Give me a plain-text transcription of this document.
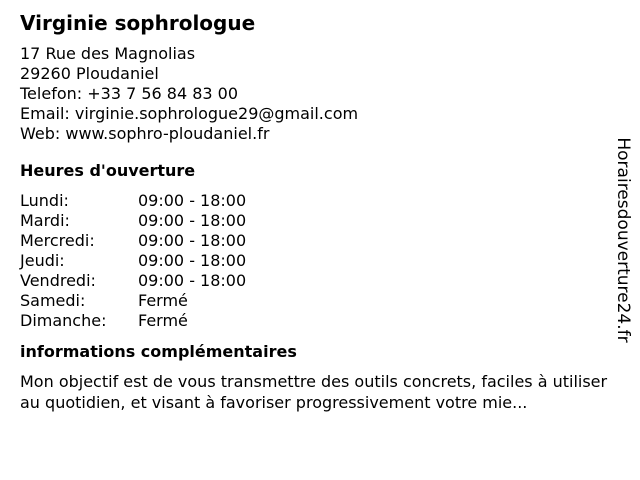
Virginie sophrologue
17 Rue des Magnolias
29260 Ploudaniel
Telefon: +33 7 56 84 83 00
Email: virginie.sophrologue29@gmail.com
Web: www.sophro-ploudaniel.fr
Heures d'ouverture
Lundi:	09:00 - 18:00
Mardi:	09:00 - 18:00
Mercredi:	09:00 - 18:00
Jeudi:	09:00 - 18:00
Vendredi:	09:00 - 18:00
Samedi:	Fermé
Dimanche:	Fermé
informations complémentaires
Mon objectif est de vous transmettre des outils concrets, faciles à utiliser au quotidien, et visant à favoriser progressivement votre mie...
Horairesdouverture24.fr
